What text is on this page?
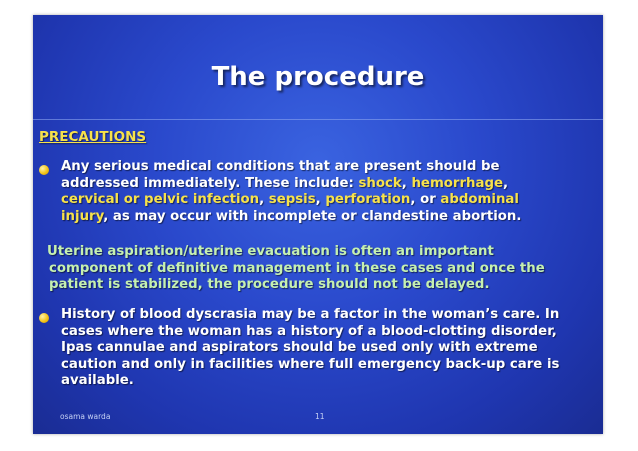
The procedure
PRECAUTIONS
Any serious medical conditions that are present should be addressed immediately. These include: shock, hemorrhage, cervical or pelvic infection, sepsis, perforation, or abdominal injury, as may occur with incomplete or clandestine abortion.
Uterine aspiration/uterine evacuation is often an important component of definitive management in these cases and once the patient is stabilized, the procedure should not be delayed.
History of blood dyscrasia may be a factor in the woman’s care. In cases where the woman has a history of a blood-clotting disorder, Ipas cannulae and aspirators should be used only with extreme caution and only in facilities where full emergency back-up care is available.
osama warda	11
